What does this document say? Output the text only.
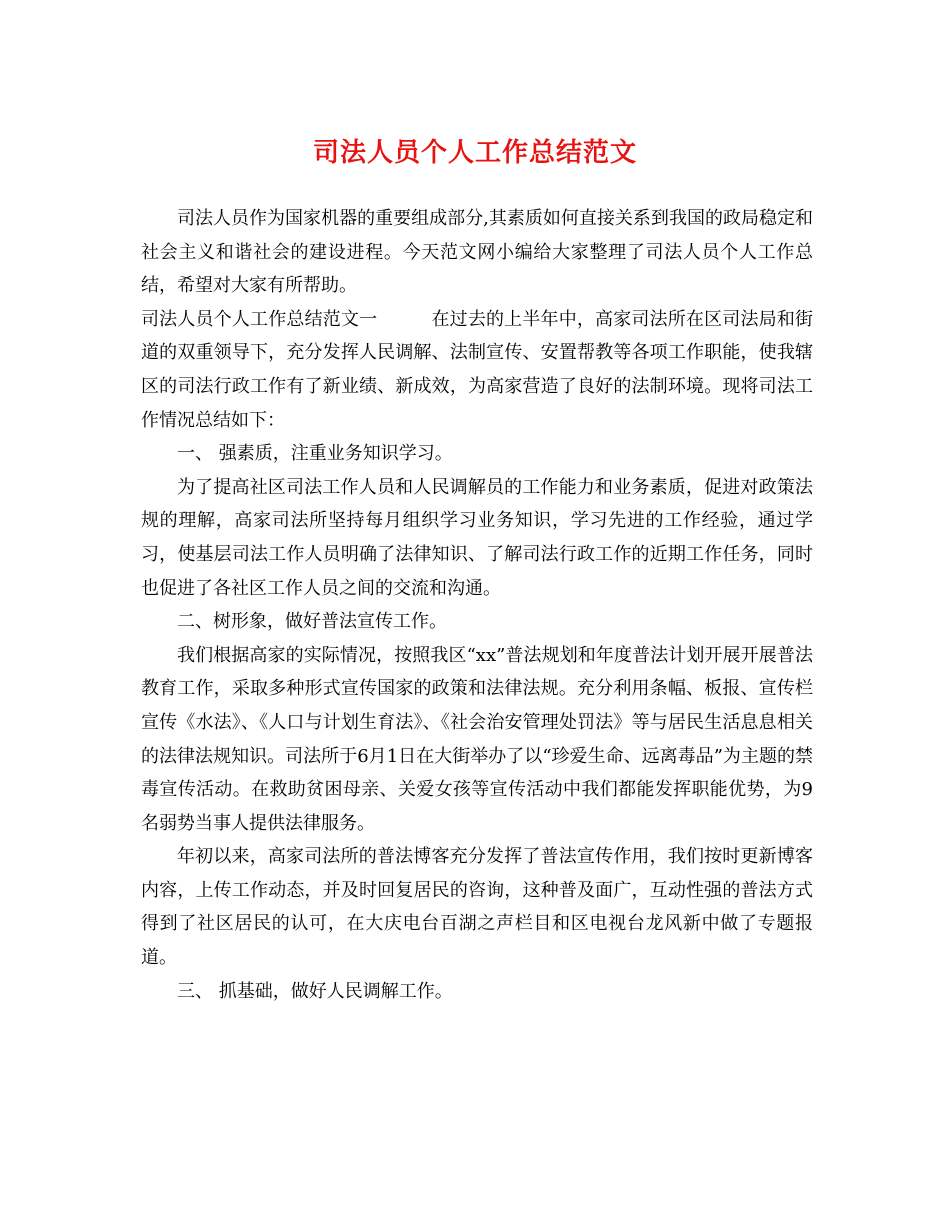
司法人员个人工作总结范文

司法人员作为国家机器的重要组成部分,其素质如何直接关系到我国的政局稳定和社会主义和谐社会的建设进程。今天范文网小编给大家整理了司法人员个人工作总结，希望对大家有所帮助。

司法人员个人工作总结范文一	在过去的上半年中，高家司法所在区司法局和街道的双重领导下，充分发挥人民调解、法制宣传、安置帮教等各项工作职能，使我辖区的司法行政工作有了新业绩、新成效，为高家营造了良好的法制环境。现将司法工作情况总结如下：

一、 强素质，注重业务知识学习。

为了提高社区司法工作人员和人民调解员的工作能力和业务素质，促进对政策法规的理解，高家司法所坚持每月组织学习业务知识，学习先进的工作经验，通过学习，使基层司法工作人员明确了法律知识、了解司法行政工作的近期工作任务，同时也促进了各社区工作人员之间的交流和沟通。

二、树形象，做好普法宣传工作。

我们根据高家的实际情况，按照我区“xx”普法规划和年度普法计划开展开展普法教育工作，采取多种形式宣传国家的政策和法律法规。充分利用条幅、板报、宣传栏宣传《水法》、《人口与计划生育法》、《社会治安管理处罚法》等与居民生活息息相关的法律法规知识。司法所于6月1日在大街举办了以“珍爱生命、远离毒品”为主题的禁毒宣传活动。在救助贫困母亲、关爱女孩等宣传活动中我们都能发挥职能优势，为9名弱势当事人提供法律服务。

年初以来，高家司法所的普法博客充分发挥了普法宣传作用，我们按时更新博客内容，上传工作动态，并及时回复居民的咨询，这种普及面广，互动性强的普法方式得到了社区居民的认可，在大庆电台百湖之声栏目和区电视台龙风新中做了专题报道。

三、 抓基础，做好人民调解工作。
